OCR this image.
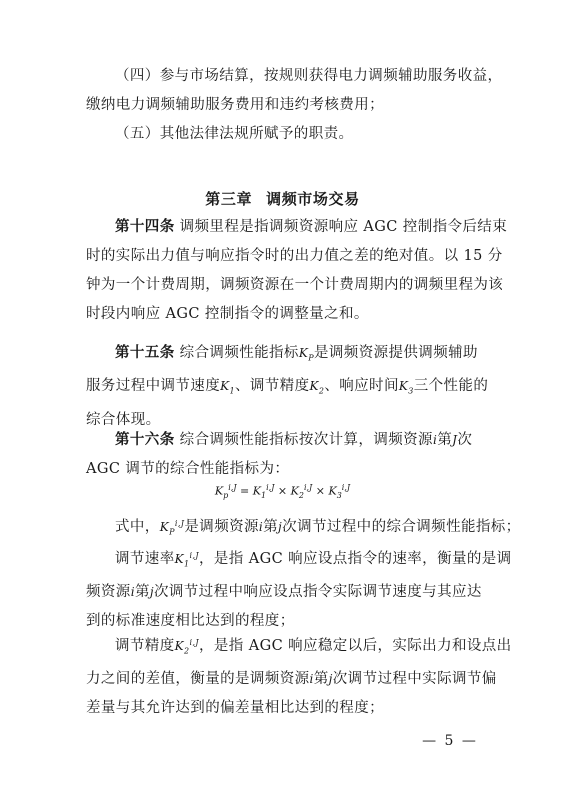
（四）参与市场结算，按规则获得电力调频辅助服务收益，
缴纳电力调频辅助服务费用和违约考核费用；

（五）其他法律法规所赋予的职责。

第三章 调频市场交易

第十四条 调频里程是指调频资源响应 AGC 控制指令后结束
时的实际出力值与响应指令时的出力值之差的绝对值。以 15 分
钟为一个计费周期，调频资源在一个计费周期内的调频里程为该
时段内响应 AGC 控制指令的调整量之和。

第十五条 综合调频性能指标$K_P$是调频资源提供调频辅助
服务过程中调节速度$K_1$、调节精度$K_2$、响应时间$K_3$三个性能的
综合体现。

第十六条 综合调频性能指标按次计算，调频资源i第J次
AGC 调节的综合性能指标为：

$K_p^{i,J} = K_1^{i,J} \times K_2^{i,J} \times K_3^{i,J}$

式中，$K_P^{i,J}$是调频资源i第j次调节过程中的综合调频性能指标；

调节速率$K_1^{i,J}$，是指 AGC 响应设点指令的速率，衡量的是调
频资源i第j次调节过程中响应设点指令实际调节速度与其应达
到的标准速度相比达到的程度；

调节精度$K_2^{i,J}$，是指 AGC 响应稳定以后，实际出力和设点出
力之间的差值，衡量的是调频资源i第j次调节过程中实际调节偏
差量与其允许达到的偏差量相比达到的程度；

— 5 —
